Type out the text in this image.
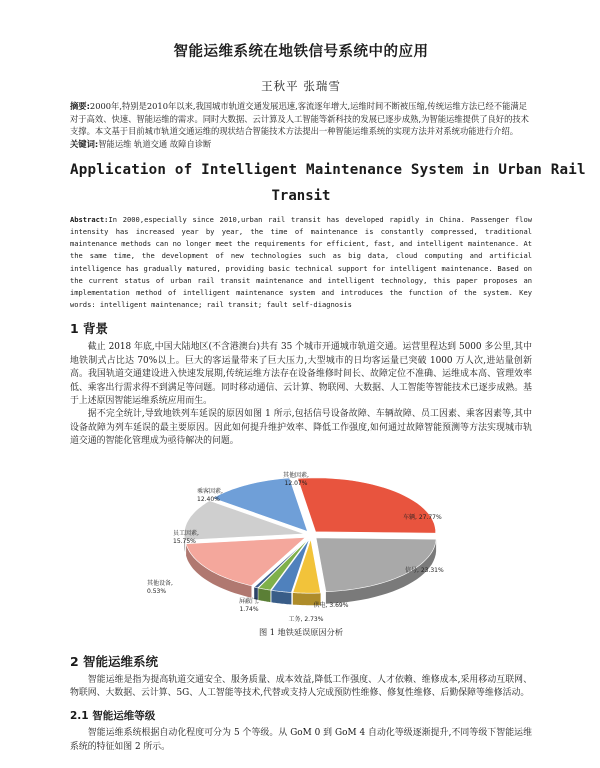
智能运维系统在地铁信号系统中的应用
王秋平 张瑞雪
摘要:2000年,特别是2010年以来,我国城市轨道交通发展迅速,客流逐年增大,运维时间不断被压缩,传统运维方法已经不能满足对于高效、快速、智能运维的需求。同时大数据、云计算及人工智能等新科技的发展已逐步成熟,为智能运维提供了良好的技术支撑。本文基于目前城市轨道交通运维的现状结合智能技术方法提出一种智能运维系统的实现方法并对系统功能进行介绍。
关键词:智能运维 轨道交通 故障自诊断
Application of Intelligent Maintenance System in Urban Rail
Transit
Abstract:In 2000,especially since 2010,urban rail transit has developed rapidly in China. Passenger flow intensity has increased year by year, the time of maintenance is constantly compressed, traditional maintenance methods can no longer meet the requirements for efficient, fast, and intelligent maintenance. At the same time, the development of new technologies such as big data, cloud computing and artificial intelligence has gradually matured, providing basic technical support for intelligent maintenance. Based on the current status of urban rail transit maintenance and intelligent technology, this paper proposes an implementation method of intelligent maintenance system and introduces the function of the system. Key words: intelligent maintenance; rail transit; fault self-diagnosis
1 背景
截止 2018 年底,中国大陆地区(不含港澳台)共有 35 个城市开通城市轨道交通。运营里程达到 5000 多公里,其中地铁制式占比达 70%以上。巨大的客运量带来了巨大压力,大型城市的日均客运量已突破 1000 万人次,进站量创新高。我国轨道交通建设进入快速发展期,传统运维方法存在设备维修时间长、故障定位不准确、运维成本高、管理效率低、乘客出行需求得不到满足等问题。同时移动通信、云计算、物联网、大数据、人工智能等智能技术已逐步成熟。基于上述原因智能运维系统应用而生。
据不完全统计,导致地铁列车延误的原因如图 1 所示,包括信号设备故障、车辆故障、员工因素、乘客因素等,其中设备故障为列车延误的最主要原因。因此如何提升维护效率、降低工作强度,如何通过故障智能预测等方法实现城市轨道交通的智能化管理成为亟待解决的问题。
车辆, 27.77%
信号, 23.31%
供电, 3.69%
工务, 2.73%
屏蔽门, 1.74%
其他设备, 0.53%
员工因素, 15.75%
乘客因素, 12.40%
其他因素, 12.07%
图 1 地铁延误原因分析
2 智能运维系统
智能运维是指为提高轨道交通安全、服务质量、成本效益,降低工作强度、人才依赖、维修成本,采用移动互联网、物联网、大数据、云计算、5G、人工智能等技术,代替或支持人完成预防性维修、修复性维修、后勤保障等维修活动。
2.1 智能运维等级
智能运维系统根据自动化程度可分为 5 个等级。从 GoM 0 到 GoM 4 自动化等级逐渐提升,不同等级下智能运维系统的特征如图 2 所示。
